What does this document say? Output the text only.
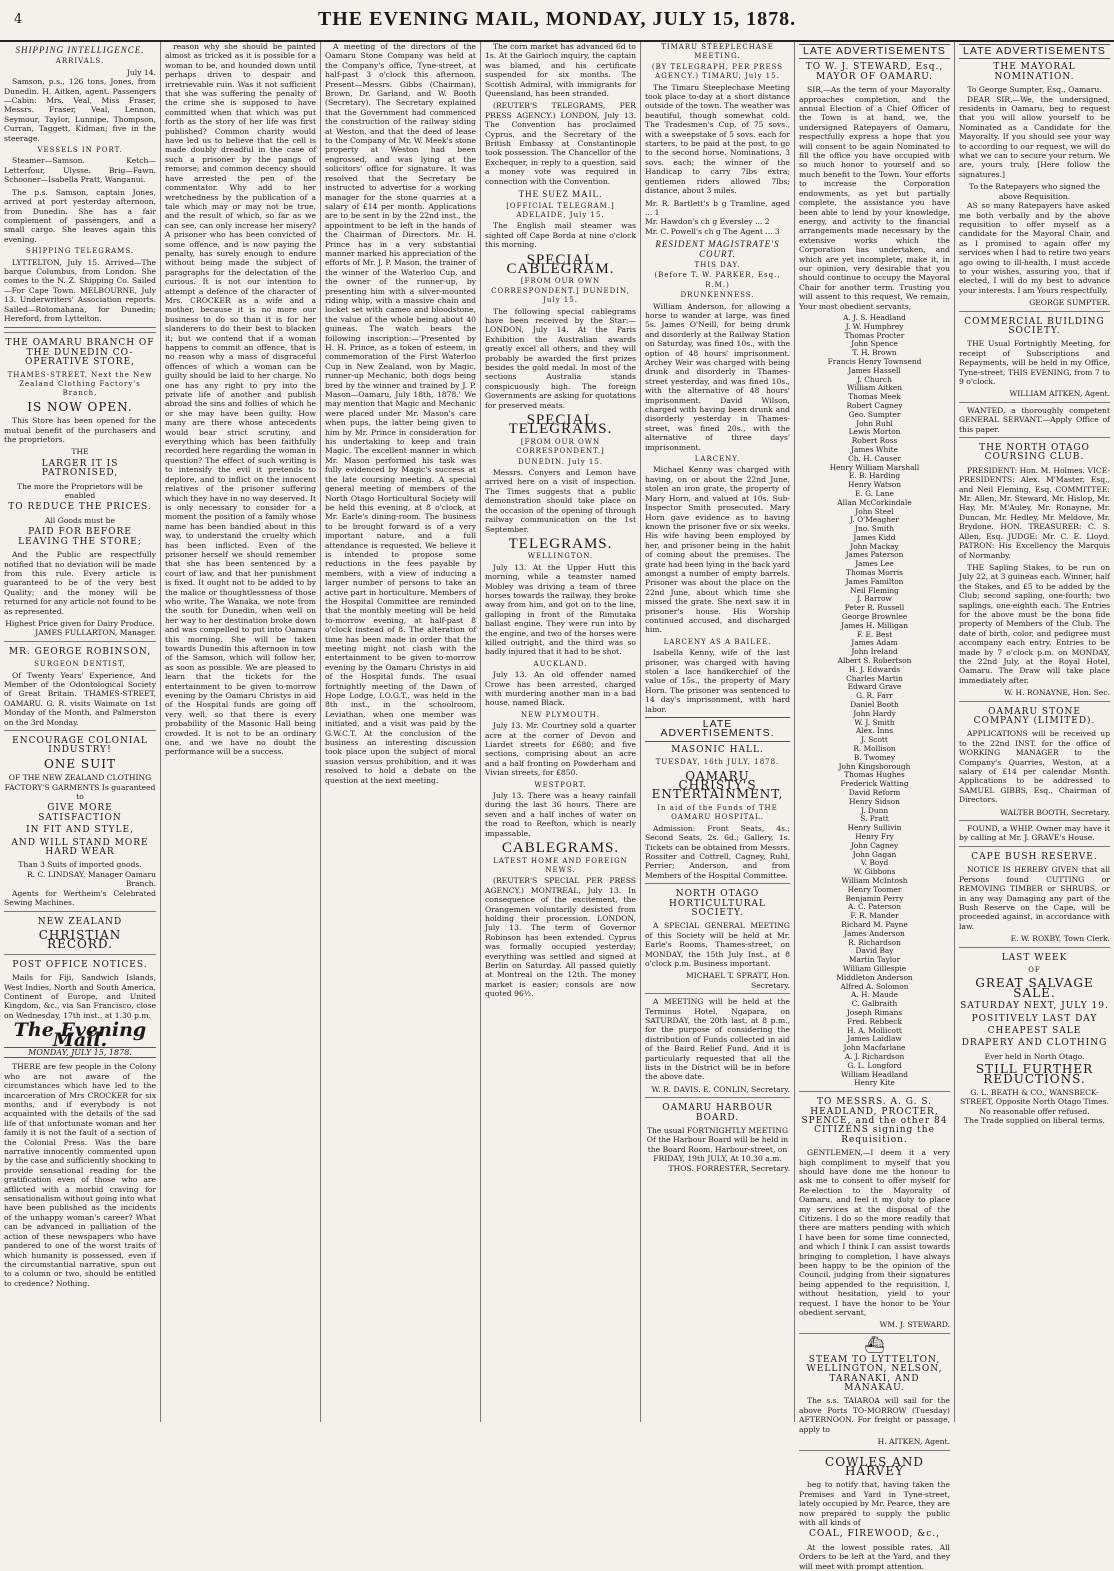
4	THE EVENING MAIL, MONDAY, JULY 15, 1878.
SHIPPING INTELLIGENCE.
ARRIVALS.
July 14.

Samson, p.s., 126 tons, Jones, from Dunedin. H. Aitken, agent. Passengers—Cabin: Mrs. Veal, Miss Fraser, Messrs. Fraser, Veal, Lennon, Seymour, Taylor, Lunnipe, Thompson, Curran, Taggett, Kidman; five in the steerage.

VESSELS IN PORT.

Steamer—Samson. Ketch—Letterfour, Ulysse. Brig—Fawn. Schooner—Isabella Pratt, Wanganui.

The p.s. Samson, captain Jones, arrived at port yesterday afternoon, from Dunedin. She has a fair complement of passengers, and a small cargo. She leaves again this evening.

SHIPPING TELEGRAMS.

LYTTELTON, July 15. Arrived—The barque Columbus, from London. She comes to the N. Z. Shipping Co. Sailed—For Cape Town. MELBOURNE, July 13. Underwriters' Association reports. Sailed—Rotomahana, for Dunedin; Hereford, from Lyttelton.

THE OAMARU BRANCH OF THE DUNEDIN CO-OPERATIVE STORE,
THAMES-STREET, Next the New Zealand Clothing Factory's Branch,
IS NOW OPEN.

This Store has been opened for the mutual benefit of the purchasers and the proprietors.

THE
LARGER IT IS PATRONISED,
The more the Proprietors will be enabled
TO REDUCE THE PRICES.
All Goods must be
PAID FOR BEFORE LEAVING THE STORE;

And the Public are respectfully notified that no deviation will be made from this rule. Every article is guaranteed to be of the very best Quality; and the money will be returned for any article not found to be as represented.

Highest Price given for Dairy Produce.
JAMES FULLARTON, Manager.
MR. GEORGE ROBINSON,
SURGEON DENTIST,

Of Twenty Years' Experience, And Member of the Odontological Society of Great Britain. THAMES-STREET, OAMARU. G. R. visits Waimate on 1st Monday of the Month, and Palmerston on the 3rd Monday.

ENCOURAGE COLONIAL INDUSTRY!
ONE SUIT
OF THE NEW ZEALAND CLOTHING FACTORY'S GARMENTS Is guaranteed to
GIVE MORE SATISFACTION
IN FIT AND STYLE,
AND WILL STAND MORE HARD WEAR
Than 3 Suits of imported goods.
R. C. LINDSAY, Manager Oamaru Branch.

Agents for Wertheim's Celebrated Sewing Machines.

NEW ZEALAND
CHRISTIAN RECORD.
POST OFFICE NOTICES.

Mails for Fiji, Sandwich Islands, West Indies, North and South America, Continent of Europe, and United Kingdom, &c., via San Francisco, close on Wednesday, 17th inst., at 1.30 p.m.

The Evening Mail.
MONDAY, JULY 15, 1878.

THERE are few people in the Colony who are not aware of the circumstances which have led to the incarceration of Mrs CROCKER for six months, and if everybody is not acquainted with the details of the sad life of that unfortunate woman and her family it is not the fault of a section of the Colonial Press. Was the bare narrative innocently commented upon by the case and sufficiently shocking to provide sensational reading for the gratification even of those who are afflicted with a morbid craving for sensationalism without going into what have been published as the incidents of the unhappy woman's career? What can be advanced in palliation of the action of these newspapers who have pandered to one of the worst traits of which humanity is possessed, even if the circumstantial narrative, spun out to a column or two, should be entitled to credence? Nothing.

reason why she should be painted almost as tricked as it is possible for a woman to be, and hounded down until perhaps driven to despair and irretrievable ruin. Was it not sufficient that she was suffering the penalty of the crime she is supposed to have committed when that which was put forth as the story of her life was first published? Common charity would have led us to believe that the cell is made doubly dreadful in the case of such a prisoner by the pangs of remorse; and common decency should have arrested the pen of the commentator. Why add to her wretchedness by the publication of a tale which may or may not be true, and the result of which, so far as we can see, can only increase her misery? A prisoner who has been convicted of some offence, and is now paying the penalty, has surely enough to endure without being made the subject of paragraphs for the delectation of the curious. It is not our intention to attempt a defence of the character of Mrs. CROCKER as a wife and a mother, because it is no more our business to do so than it is for her slanderers to do their best to blacken it; but we contend that if a woman happens to commit an offence, that is no reason why a mass of disgraceful offences of which a woman can be guilty should be laid to her charge. No one has any right to pry into the private life of another and publish abroad the sins and follies of which he or she may have been guilty. How many are there whose antecedents would bear strict scrutiny, and everything which has been faithfully recorded here regarding the woman in question? The effect of such writing is to intensify the evil it pretends to deplore, and to inflict on the innocent relatives of the prisoner suffering which they have in no way deserved. It is only necessary to consider for a moment the position of a family whose name has been bandied about in this way, to understand the cruelty which has been inflicted. Even of the prisoner herself we should remember that she has been sentenced by a court of law, and that her punishment is fixed. It ought not to be added to by the malice or thoughtlessness of those who write. The Wanaka, we note from the south for Dunedin, when well on her way to her destination broke down and was compelled to put into Oamaru this morning. She will be taken towards Dunedin this afternoon in tow of the Samson, which will follow her, as soon as possible. We are pleased to learn that the tickets for the entertainment to be given to-morrow evening by the Oamaru Christys in aid of the Hospital funds are going off very well, so that there is every probability of the Masonic Hall being crowded. It is not to be an ordinary one, and we have no doubt the performance will be a success.

A meeting of the directors of the Oamaru Stone Company was held at the Company's office, Tyne-street, at half-past 3 o'clock this afternoon. Present—Messrs. Gibbs (Chairman), Brown, Dr. Garland, and W. Booth (Secretary). The Secretary explained that the Government had commenced the construction of the railway siding at Weston, and that the deed of lease to the Company of Mr. W. Meek's stone property at Weston had been engrossed, and was lying at the solicitors' office for signature. It was resolved that the Secretary be instructed to advertise for a working manager for the stone quarries at a salary of £14 per month. Applications are to be sent in by the 22nd inst., the appointment to be left in the hands of the Chairman of Directors. Mr. H. Prince has in a very substantial manner marked his appreciation of the efforts of Mr. J. P. Mason, the trainer of the winner of the Waterloo Cup, and the owner of the runner-up, by presenting him with a silver-mounted riding whip, with a massive chain and locket set with cameo and bloodstone, the value of the whole being about 40 guineas. The watch bears the following inscription:—'Presented by H. H. Prince, as a token of esteem, in commemoration of the First Waterloo Cup in New Zealand, won by Magic, runner-up Mechanic, both dogs being bred by the winner and trained by J. P. Mason—Oamaru, July 18th, 1878.' We may mention that Magic and Mechanic were placed under Mr. Mason's care when pups, the latter being given to him by Mr. Prince in consideration for his undertaking to keep and train Magic. The excellent manner in which Mr. Mason performed his task was fully evidenced by Magic's success at the late coursing meeting. A special general meeting of members of the North Otago Horticultural Society will be held this evening, at 8 o'clock, at Mr. Earle's dining-room. The business to be brought forward is of a very important nature, and a full attendance is requested. We believe it is intended to propose some reductions in the fees payable by members, with a view of inducing a larger number of persons to take an active part in horticulture. Members of the Hospital Committee are reminded that the monthly meeting will be held to-morrow evening, at half-past 8 o'clock instead of 8. The alteration of time has been made in order that the meeting might not clash with the entertainment to be given to-morrow evening by the Oamaru Christys in aid of the Hospital funds. The usual fortnightly meeting of the Dawn of Hope Lodge, I.O.G.T., was held in the 8th inst., in the schoolroom, Leviathan, when one member was initiated, and a visit was paid by the G.W.C.T. At the conclusion of the business an interesting discussion took place upon the subject of moral suasion versus prohibition, and it was resolved to hold a debate on the question at the next meeting.

The corn market has advanced 6d to 1s. At the Gairloch inquiry, the captain was blamed, and his certificate suspended for six months. The Scottish Admiral, with immigrants for Queensland, has been stranded.

(REUTER'S TELEGRAMS, PER PRESS AGENCY.) LONDON, July 13. The Convention has proclaimed Cyprus, and the Secretary of the British Embassy at Constantinople took possession. The Chancellor of the Exchequer, in reply to a question, said a money vote was required in connection with the Convention.

THE SUEZ MAIL.
[OFFICIAL TELEGRAM.] ADELAIDE, July 15.

The English mail steamer was sighted off Cape Borda at nine o'clock this morning.

SPECIAL CABLEGRAM.
[FROM OUR OWN CORRESPONDENT.] DUNEDIN, July 15.

The following special cablegrams have been received by the Star:— LONDON, July 14. At the Paris Exhibition the Australian awards greatly excel all others, and they will probably be awarded the first prizes besides the gold medal. In most of the sections Australia stands conspicuously high. The foreign Governments are asking for quotations for preserved meats.

SPECIAL TELEGRAMS.
[FROM OUR OWN CORRESPONDENT.]
DUNEDIN. July 15.

Messrs. Conyers and Lemon have arrived here on a visit of inspection. The Times suggests that a public demonstration should take place on the occasion of the opening of through railway communication on the 1st September.

TELEGRAMS.
WELLINGTON.

July 13. At the Upper Hutt this morning, while a teamster named Mobley was driving a team of three horses towards the railway, they broke away from him, and got on to the line, galloping in front of the Rimutaka ballast engine. They were run into by the engine, and two of the horses were killed outright, and the third was so badly injured that it had to be shot.

AUCKLAND.

July 13. An old offender named Crowe has been arrested, charged with murdering another man in a bad house, named Black.

NEW PLYMOUTH.

July 13. Mr. Courtney sold a quarter acre at the corner of Devon and Liardet streets for £680; and five sections, comprising about an acre and a half fronting on Powderham and Vivian streets, for £850.

WESTPORT.

July 13. There was a heavy rainfall during the last 36 hours. There are seven and a half inches of water on the road to Reefton, which is nearly impassable.

CABLEGRAMS.
LATEST HOME AND FOREIGN NEWS.

(REUTER'S SPECIAL PER PRESS AGENCY.) MONTREAL, July 13. In consequence of the excitement, the Orangemen voluntarily desisted from holding their procession. LONDON, July 13. The term of Governor Robinson has been extended. Cyprus was formally occupied yesterday; everything was settled and signed at Berlin on Saturday. All passed quietly at Montreal on the 12th. The money market is easier; consols are now quoted 96½.

TIMARU STEEPLECHASE MEETING.
(BY TELEGRAPH, PER PRESS AGENCY.) TIMARU, July 15.

The Timaru Steeplechase Meeting took place to-day at a short distance outside of the town. The weather was beautiful, though somewhat cold. The Tradesmen's Cup, of 75 sovs., with a sweepstake of 5 sovs. each for starters, to be paid at the post, to go to the second horse. Nominations, 3 sovs. each; the winner of the Handicap to carry 7lbs extra; gentlemen riders allowed 7lbs; distance, about 3 miles.

Mr. R. Bartlett's b g Tramline, aged ... 1
Mr. Hawdon's ch g Eversley ... 2
Mr. C. Powell's ch g The Agent ... 3
RESIDENT MAGISTRATE'S COURT.
THIS DAY.
(Before T. W. PARKER, Esq., R.M.)
DRUNKENNESS.

William Anderson, for allowing a horse to wander at large, was fined 5s. James O'Neill, for being drunk and disorderly at the Railway Station on Saturday, was fined 10s., with the option of 48 hours' imprisonment. Archey Weir was charged with being drunk and disorderly in Thames-street yesterday, and was fined 10s., with the alternative of 48 hours' imprisonment. David Wilson, charged with having been drunk and disorderly yesterday in Thames-street, was fined 20s., with the alternative of three days' imprisonment.

LARCENY.

Michael Kenny was charged with having, on or about the 22nd June, stolen an iron grate, the property of Mary Horn, and valued at 10s. Sub-Inspector Smith prosecuted. Mary Horn gave evidence as to having known the prisoner five or six weeks. His wife having been employed by her, and prisoner being in the habit of coming about the premises. The grate had been lying in the back yard amongst a number of empty barrels. Prisoner was about the place on the 22nd June, about which time she missed the grate. She next saw it in prisoner's house. His Worship continued accused, and discharged him.

LARCENY AS A BAILEE.

Isabella Kenny, wife of the last prisoner, was charged with having stolen a lace handkerchief of the value of 15s., the property of Mary Horn. The prisoner was sentenced to 14 day's imprisonment, with hard labor.

LATE ADVERTISEMENTS.
MASONIC HALL.
TUESDAY, 16th JULY, 1878.
OAMARU CHRISTY'S ENTERTAINMENT,
In aid of the Funds of THE OAMARU HOSPITAL.

Admission: Front Seats, 4s.; Second Seats, 2s. 6d.; Gallery, 1s. Tickets can be obtained from Messrs. Rossiter and Cottrell, Cagney, Ruhl, Perrier; Anderson, and from Members of the Hospital Committee.

NORTH OTAGO HORTICULTURAL SOCIETY.

A SPECIAL GENERAL MEETING of this Society will be held at Mr. Earle's Rooms, Thames-street, on MONDAY, the 15th July Inst., at 8 o'clock p.m. Business important.

MICHAEL T. SPRATT, Hon. Secretary.

A MEETING will be held at the Terminus Hotel, Ngapara, on SATURDAY, the 20th last, at 8 p.m., for the purpose of considering the distribution of Funds collected in aid of the Baird Relief Fund. And it is particularly requested that all the lists in the District will be in before the above date.

W. R. DAVIS. E. CONLIN, Secretary.
OAMARU HARBOUR BOARD.
The usual FORTNIGHTLY MEETING Of the Harbour Board will be held in the Board Room, Harbour-street, on FRIDAY, 19th JULY, At 10.30 a.m.
THOS. FORRESTER, Secretary.
LATE ADVERTISEMENTS
TO W. J. STEWARD, Esq., MAYOR OF OAMARU.

SIR,—As the term of your Mayoralty approaches completion, and the annual Election of a Chief Officer of the Town is at hand, we, the undersigned Ratepayers of Oamaru, respectfully express a hope that you will consent to be again Nominated to fill the office you have occupied with so much honor to yourself and so much benefit to the Town. Your efforts to increase the Corporation endowments, as yet but partially complete, the assistance you have been able to lend by your knowledge, energy, and activity to the financial arrangements made necessary by the extensive works which the Corporation has undertaken, and which are yet incomplete, make it, in our opinion, very desirable that you should continue to occupy the Mayoral Chair for another term. Trusting you will assent to this request, We remain, Your most obedient servants,

A. J. S. Headland
J. W. Humphrey
Thomas Procter
John Spence
T. H. Brown
Francis Henry Townsend
James Hassell
J. Church
William Aitken
Thomas Meek
Robert Cagney
Geo. Sumpter
John Ruhl
Lewis Morton
Robert Ross
James White
Ch. H. Causer
Henry William Marshall
E. B. Harding
Henry Watson
E. G. Lane
Allan McCorkindale
John Steel
J. O'Meagher
Jno. Smith
James Kidd
John Mackay
James Paterson
James Lee
Thomas Morris
James Familton
Neil Fleming
J. Barrow
Peter R. Russell
George Brownlee
James H. Milligan
F. E. Best
James Adam
John Ireland
Albert S. Robertson
H. J. Edwards
Charles Martin
Edward Grave
G. R. Farr
Daniel Booth
John Hardy
W. J. Smith
Alex. Inns
J. Scott
R. Mollison
B. Twomey
John Kingsborough
Thomas Hughes
Frederick Watting
David Reform
Henry Sidson
J. Dunn
S. Pratt
Henry Sullivin
Henry Fry
John Cagney
John Gagan
V. Boyd
W. Gibbons
William McIntosh
Henry Toomer
Benjamin Perry
A. C. Paterson
F. R. Mander
Richard M. Payne
James Anderson
R. Richardson
David Bay
Martin Taylor
William Gillespie
Middleton Anderson
Alfred A. Solomon
A. H. Maude
C. Galbraith
Joseph Rimans
Fred. Rebbeck
H. A. Mollicott
James Laidlaw
John Macfarlane
A. J. Richardson
G. L. Longford
William Headland
Henry Kite
TO MESSRS. A. G. S. HEADLAND, PROCTER, SPENCE, and the other 84 CITIZENS signing the Requisition.

GENTLEMEN,—I deem it a very high compliment to myself that you should have done me the honour to ask me to consent to offer myself for Re-election to the Mayoralty of Oamaru, and feel it my duty to place my services at the disposal of the Citizens. I do so the more readily that there are matters pending with which I have been for some time connected, and which I think I can assist towards bringing to completion. I have always been happy to be the opinion of the Council, judging from their signatures being appended to the requisition, I, without hesitation, yield to your request. I have the honor to be Your obedient servant,

WM. J. STEWARD.
⛴
STEAM TO LYTTELTON, WELLINGTON, NELSON, TARANAKI, AND MANAKAU.

The s.s. TAIAROA will sail for the above Ports TO-MORROW (Tuesday) AFTERNOON. For freight or passage, apply to

H. AITKEN, Agent.
COWLES AND HARVEY

beg to notify that, having taken the Premises and Yard in Tyne-street, lately occupied by Mr. Pearce, they are now prepared to supply the public with all kinds of

COAL, FIREWOOD, &c.,

At the lowest possible rates. All Orders to be left at the Yard, and they will meet with prompt attention.

LATE ADVERTISEMENTS
THE MAYORAL NOMINATION.
To George Sumpter, Esq., Oamaru.

DEAR SIR,—We, the undersigned, residents in Oamaru, beg to request that you will allow yourself to be Nominated as a Candidate for the Mayoralty. If you should see your way to according to our request, we will do what we can to secure your return. We are, yours truly, [Here follow the signatures.]

To the Ratepayers who signed the above Requisition.

AS so many Ratepayers have asked me both verbally and by the above requisition to offer myself as a candidate for the Mayoral Chair, and as I promised to again offer my services when I had to retire two years ago owing to ill-health, I must accede to your wishes, assuring you, that if elected, I will do my best to advance your interests. I am Yours respectfully,

GEORGE SUMPTER.
COMMERCIAL BUILDING SOCIETY.

THE Usual Fortnightly Meeting, for receipt of Subscriptions and Repayments, will be held in my Office, Tyne-street, THIS EVENING, from 7 to 9 o'clock.

WILLIAM AITKEN, Agent.

WANTED, a thoroughly competent GENERAL SERVANT.—Apply Office of this paper.

THE NORTH OTAGO COURSING CLUB.

PRESIDENT: Hon. M. Holmes. VICE-PRESIDENTS: Alex. M'Master, Esq., and Neil Fleming, Esq. COMMITTEE: Mr. Allen, Mr. Steward, Mr. Hislop, Mr. Hay, Mr. M'Auley, Mr. Ronayne, Mr. Duncan, Mr. Hedley, Mr. Meldove, Mr. Brydone. HON. TREASURER: C. S. Allen, Esq. JUDGE: Mr. C. E. Lloyd. PATRON: His Excellency the Marquis of Normanby.

THE Sapling Stakes, to be run on July 22, at 3 guineas each. Winner, half the Stakes, and £5 to be added by the Club; second sapling, one-fourth; two saplings, one-eighth each. The Entries for the above must be the bona fide property of Members of the Club. The date of birth, color, and pedigree must accompany each entry. Entries to be made by 7 o'clock p.m. on MONDAY, the 22nd July, at the Royal Hotel, Oamaru. The Draw will take place immediately after.

W. H. RONAYNE, Hon. Sec.
OAMARU STONE COMPANY (LIMITED).

APPLICATIONS will be received up to the 22nd INST. for the office of WORKING MANAGER to the Company's Quarries, Weston, at a salary of £14 per calendar Month. Applications to be addressed to SAMUEL GIBBS, Esq., Chairman of Directors.

WALTER BOOTH, Secretary.

FOUND, a WHIP. Owner may have it by calling at Mr. J. GRAVE's House.

CAPE BUSH RESERVE.

NOTICE IS HEREBY GIVEN that all Persons found CUTTING or REMOVING TIMBER or SHRUBS, or in any way Damaging any part of the Bush Reserve on the Cape, will be proceeded against, in accordance with law.

E. W. ROXBY, Town Clerk.
LAST WEEK
OF
GREAT SALVAGE SALE.
SATURDAY NEXT, JULY 19.
POSITIVELY LAST DAY
CHEAPEST SALE
DRAPERY AND CLOTHING
Ever held in North Otago.
STILL FURTHER REDUCTIONS.
G. L. BEATH & CO., WANSBECK-STREET, Opposite North Otago Times.
No reasonable offer refused.
The Trade supplied on liberal terms.
